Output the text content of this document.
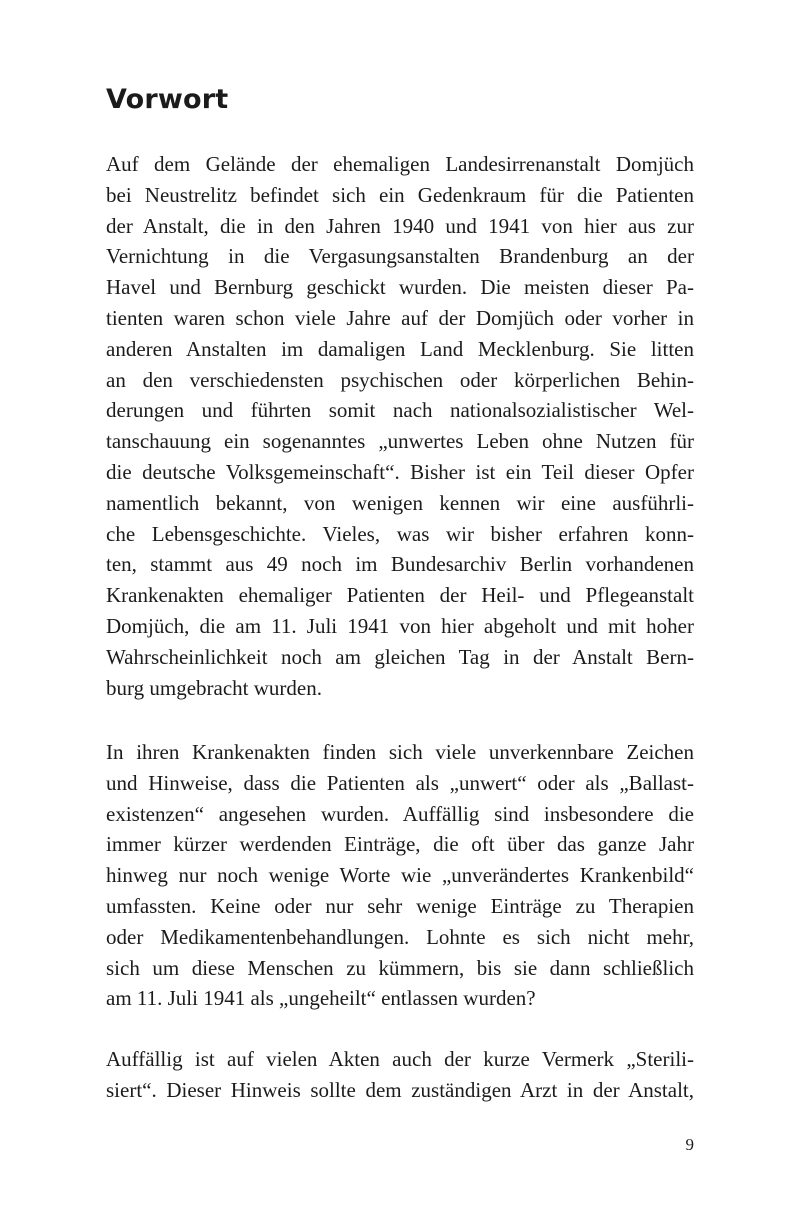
Vorwort
Auf dem Gelände der ehemaligen Landesirrenanstalt Domjüch
bei Neustrelitz befindet sich ein Gedenkraum für die Patienten
der Anstalt, die in den Jahren 1940 und 1941 von hier aus zur
Vernichtung in die Vergasungsanstalten Brandenburg an der
Havel und Bernburg geschickt wurden. Die meisten dieser Pa-
tienten waren schon viele Jahre auf der Domjüch oder vorher in
anderen Anstalten im damaligen Land Mecklenburg. Sie litten
an den verschiedensten psychischen oder körperlichen Behin-
derungen und führten somit nach nationalsozialistischer Wel-
tanschauung ein sogenanntes „unwertes Leben ohne Nutzen für
die deutsche Volksgemeinschaft“. Bisher ist ein Teil dieser Opfer
namentlich bekannt, von wenigen kennen wir eine ausführli-
che Lebensgeschichte. Vieles, was wir bisher erfahren konn-
ten, stammt aus 49 noch im Bundesarchiv Berlin vorhandenen
Krankenakten ehemaliger Patienten der Heil- und Pflegeanstalt
Domjüch, die am 11. Juli 1941 von hier abgeholt und mit hoher
Wahrscheinlichkeit noch am gleichen Tag in der Anstalt Bern-
burg umgebracht wurden.
In ihren Krankenakten finden sich viele unverkennbare Zeichen
und Hinweise, dass die Patienten als „unwert“ oder als „Ballast-
existenzen“ angesehen wurden. Auffällig sind insbesondere die
immer kürzer werdenden Einträge, die oft über das ganze Jahr
hinweg nur noch wenige Worte wie „unverändertes Krankenbild“
umfassten. Keine oder nur sehr wenige Einträge zu Therapien
oder Medikamentenbehandlungen. Lohnte es sich nicht mehr,
sich um diese Menschen zu kümmern, bis sie dann schließlich
am 11. Juli 1941 als „ungeheilt“ entlassen wurden?
Auffällig ist auf vielen Akten auch der kurze Vermerk „Sterili-
siert“. Dieser Hinweis sollte dem zuständigen Arzt in der Anstalt,
9
